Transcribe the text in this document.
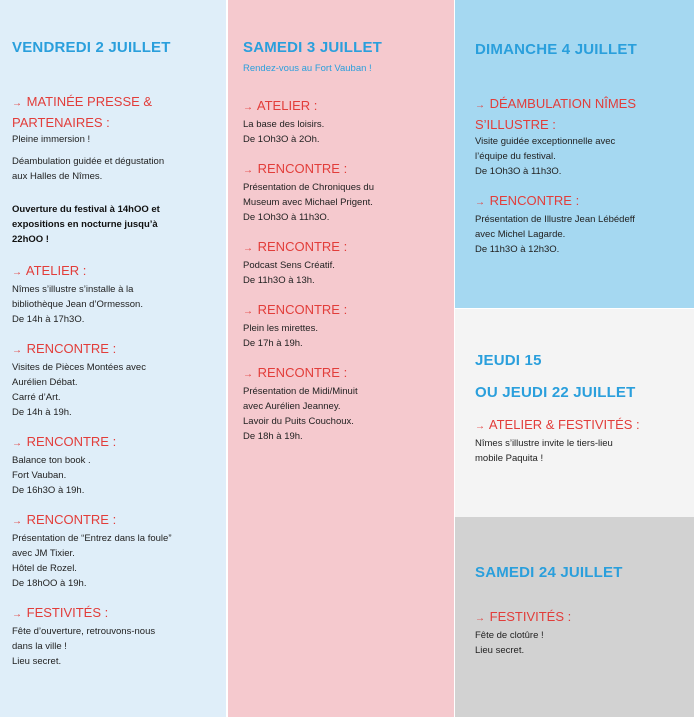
VENDREDI 2 JUILLET

→ MATINÉE PRESSE &

PARTENAIRES :

Pleine immersion !

Déambulation guidée et dégustation

aux Halles de Nîmes.

Ouverture du festival à 14hOO et

expositions en nocturne jusqu’à

22hOO !

→ ATELIER :

Nîmes s’illustre s’installe à la

bibliothèque Jean d’Ormesson.

De 14h à 17h3O.

→ RENCONTRE :

Visites de Pièces Montées avec

Aurélien Débat.

Carré d’Art.

De 14h à 19h.

→ RENCONTRE :

Balance ton book .

Fort Vauban.

De 16h3O à 19h.

→ RENCONTRE :

Présentation de “Entrez dans la foule”

avec JM Tixier.

Hôtel de Rozel.

De 18hOO à 19h.

→ FESTIVITÉS :

Fête d’ouverture, retrouvons-nous

dans la ville !

Lieu secret.

SAMEDI 3 JUILLET

Rendez-vous au Fort Vauban !

→ ATELIER :

La base des loisirs.

De 1Oh3O à 2Oh.

→ RENCONTRE :

Présentation de Chroniques du

Museum avec Michael Prigent.

De 1Oh3O à 11h3O.

→ RENCONTRE :

Podcast Sens Créatif.

De 11h3O à 13h.

→ RENCONTRE :

Plein les mirettes.

De 17h à 19h.

→ RENCONTRE :

Présentation de Midi/Minuit

avec Aurélien Jeanney.

Lavoir du Puits Couchoux.

De 18h à 19h.

DIMANCHE 4 JUILLET

→ DÉAMBULATION NÎMES

S’ILLUSTRE :

Visite guidée exceptionnelle avec

l’équipe du festival.

De 1Oh3O à 11h3O.

→ RENCONTRE :

Présentation de Illustre Jean Lébédeff

avec Michel Lagarde.

De 11h3O à 12h3O.

JEUDI 15

OU JEUDI 22 JUILLET

→ ATELIER & FESTIVITÉS :

Nîmes s’illustre invite le tiers-lieu

mobile Paquita !

SAMEDI 24 JUILLET

→ FESTIVITÉS :

Fête de clotûre !

Lieu secret.
